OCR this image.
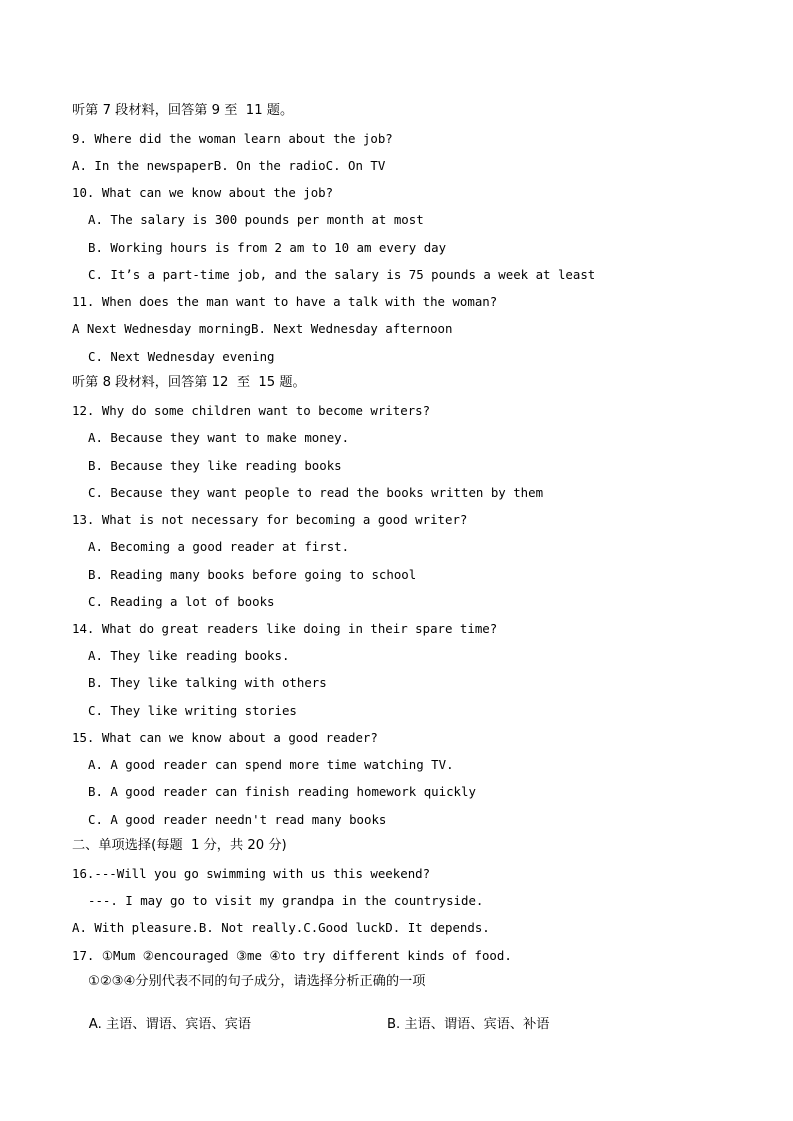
听第 7 段材料，回答第 9 至  11 题。
9. Where did the woman learn about the job?
A. In the newspaperB. On the radioC. On TV
10. What can we know about the job?
A. The salary is 300 pounds per month at most
B. Working hours is from 2 am to 10 am every day
C. It’s a part-time job, and the salary is 75 pounds a week at least
11. When does the man want to have a talk with the woman?
A Next Wednesday morningB. Next Wednesday afternoon
C. Next Wednesday evening
听第 8 段材料，回答第 12  至  15 题。
12. Why do some children want to become writers?
A. Because they want to make money.
B. Because they like reading books
C. Because they want people to read the books written by them
13. What is not necessary for becoming a good writer?
A. Becoming a good reader at first.
B. Reading many books before going to school
C. Reading a lot of books
14. What do great readers like doing in their spare time?
A. They like reading books.
B. They like talking with others
C. They like writing stories
15. What can we know about a good reader?
A. A good reader can spend more time watching TV.
B. A good reader can finish reading homework quickly
C. A good reader needn't read many books
二、单项选择(每题  1 分，共 20 分)
16.---Will you go swimming with us this weekend?
---. I may go to visit my grandpa in the countryside.
A. With pleasure.B. Not really.C.Good luckD. It depends.
17. ①Mum ②encouraged ③me ④to try different kinds of food.
①②③④分别代表不同的句子成分，请选择分析正确的一项

A. 主语、谓语、宾语、宾语	B. 主语、谓语、宾语、补语
